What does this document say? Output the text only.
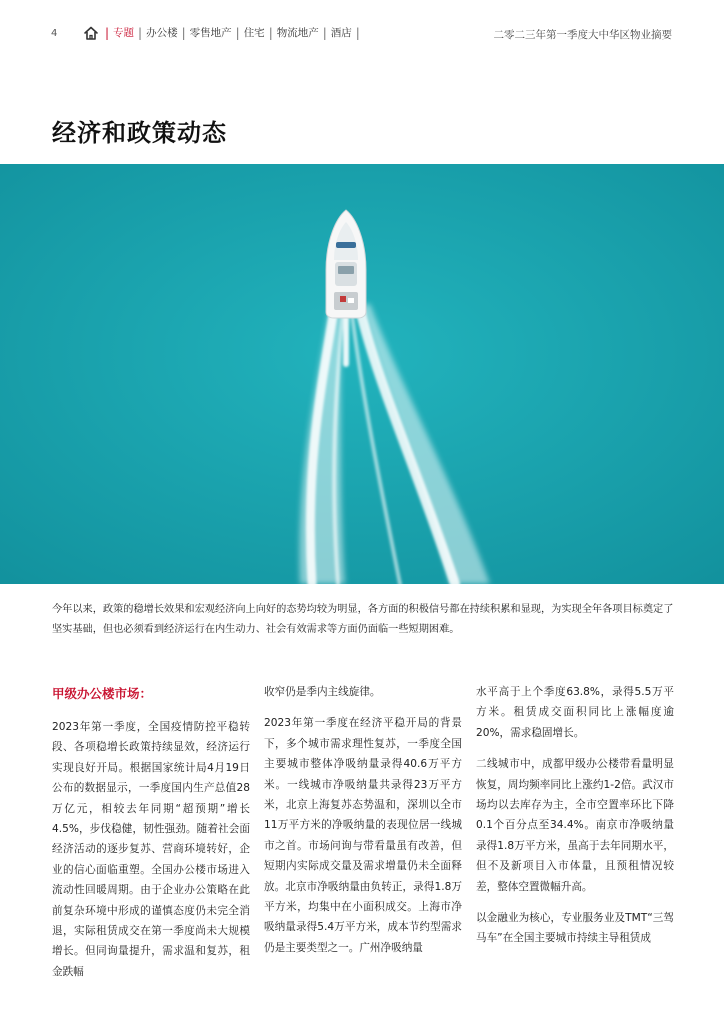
4	| 专题 | 办公楼 | 零售地产 | 住宅 | 物流地产 | 酒店 |	二零二三年第一季度大中华区物业摘要
经济和政策动态

今年以来，政策的稳增长效果和宏观经济向上向好的态势均较为明显，各方面的积极信号都在持续积累和显现，为实现全年各项目标奠定了坚实基础，但也必须看到经济运行在内生动力、社会有效需求等方面仍面临一些短期困难。

甲级办公楼市场：

2023年第一季度，全国疫情防控平稳转段、各项稳增长政策持续显效，经济运行实现良好开局。根据国家统计局4月19日公布的数据显示，一季度国内生产总值28万亿元，相较去年同期“超预期”增长4.5%，步伐稳健，韧性强劲。随着社会面经济活动的逐步复苏、营商环境转好，企业的信心面临重塑。全国办公楼市场进入流动性回暖周期。由于企业办公策略在此前复杂环境中形成的谨慎态度仍未完全消退，实际租赁成交在第一季度尚未大规模增长。但同询量提升，需求温和复苏，租金跌幅

收窄仍是季内主线旋律。

2023年第一季度在经济平稳开局的背景下，多个城市需求理性复苏，一季度全国主要城市整体净吸纳量录得40.6万平方米。一线城市净吸纳量共录得23万平方米，北京上海复苏态势温和，深圳以全市11万平方米的净吸纳量的表现位居一线城市之首。市场问询与带看量虽有改善，但短期内实际成交量及需求增量仍未全面释放。北京市净吸纳量由负转正，录得1.8万平方米，均集中在小面积成交。上海市净吸纳量录得5.4万平方米，成本节约型需求仍是主要类型之一。广州净吸纳量

水平高于上个季度63.8%，录得5.5万平方米。租赁成交面积同比上涨幅度逾20%，需求稳固增长。

二线城市中，成都甲级办公楼带看量明显恢复，周均频率同比上涨约1-2倍。武汉市场均以去库存为主，全市空置率环比下降0.1个百分点至34.4%。南京市净吸纳量录得1.8万平方米，虽高于去年同期水平，但不及新项目入市体量，且预租情况较差，整体空置微幅升高。

以金融业为核心，专业服务业及TMT“三驾马车”在全国主要城市持续主导租赁成
